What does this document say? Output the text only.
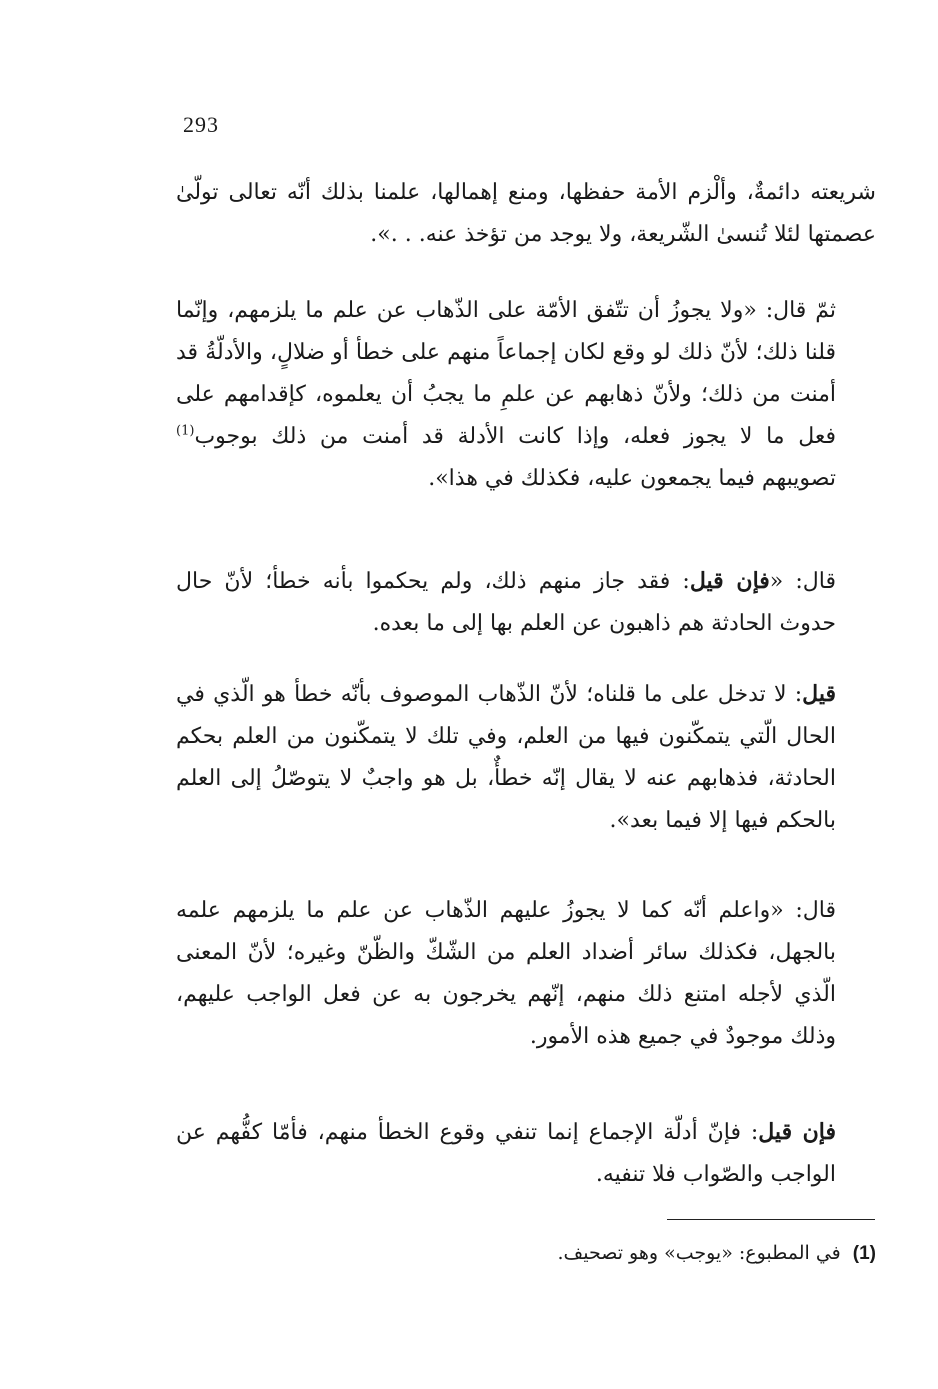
293

شريعته دائمةٌ، وألْزم الأمة حفظها، ومنع إهمالها، علمنا بذلك أنّه تعالى تولّىٰ عصمتها لئلا تُنسىٰ الشّريعة، ولا يوجد من تؤخذ عنه. . .».

ثمّ قال: «ولا يجوزُ أن تتّفق الأمّة على الذّهاب عن علم ما يلزمهم، وإنّما قلنا ذلك؛ لأنّ ذلك لو وقع لكان إجماعاً منهم على خطأ أو ضلالٍ، والأدلّةُ قد أمنت من ذلك؛ ولأنّ ذهابهم عن علمِ ما يجبُ أن يعلموه، كإقدامهم على فعل ما لا يجوز فعله، وإذا كانت الأدلة قد أمنت من ذلك بوجوب$^{(1)}$ تصويبهم فيما يجمعون عليه، فكذلك في هذا».

قال: «فإن قيل: فقد جاز منهم ذلك، ولم يحكموا بأنه خطأ؛ لأنّ حال حدوث الحادثة هم ذاهبون عن العلم بها إلى ما بعده.

قيل: لا تدخل على ما قلناه؛ لأنّ الذّهاب الموصوف بأنّه خطأ هو الّذي في الحال الّتي يتمكّنون فيها من العلم، وفي تلك لا يتمكّنون من العلم بحكم الحادثة، فذهابهم عنه لا يقال إنّه خطأٌ، بل هو واجبٌ لا يتوصّلُ إلى العلم بالحكم فيها إلا فيما بعد».

قال: «واعلم أنّه كما لا يجوزُ عليهم الذّهاب عن علم ما يلزمهم علمه بالجهل، فكذلك سائر أضداد العلم من الشّكّ والظّنّ وغيره؛ لأنّ المعنى الّذي لأجله امتنع ذلك منهم، إنّهم يخرجون به عن فعل الواجب عليهم، وذلك موجودٌ في جميع هذه الأمور.

فإن قيل: فإنّ أدلّة الإجماع إنما تنفي وقوع الخطأ منهم، فأمّا كفُّهم عن الواجب والصّواب فلا تنفيه.

(1)في المطبوع: «يوجب» وهو تصحيف.
